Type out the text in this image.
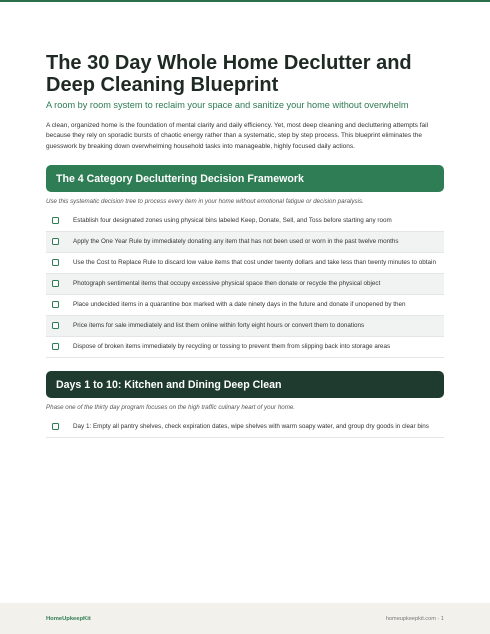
The 30 Day Whole Home Declutter and Deep Cleaning Blueprint

A room by room system to reclaim your space and sanitize your home without overwhelm

A clean, organized home is the foundation of mental clarity and daily efficiency. Yet, most deep cleaning and decluttering attempts fail because they rely on sporadic bursts of chaotic energy rather than a systematic, step by step process. This blueprint eliminates the guesswork by breaking down overwhelming household tasks into manageable, highly focused daily actions.

The 4 Category Decluttering Decision Framework

Use this systematic decision tree to process every item in your home without emotional fatigue or decision paralysis.

Establish four designated zones using physical bins labeled Keep, Donate, Sell, and Toss before starting any room
Apply the One Year Rule by immediately donating any item that has not been used or worn in the past twelve months
Use the Cost to Replace Rule to discard low value items that cost under twenty dollars and take less than twenty minutes to obtain
Photograph sentimental items that occupy excessive physical space then donate or recycle the physical object
Place undecided items in a quarantine box marked with a date ninety days in the future and donate if unopened by then
Price items for sale immediately and list them online within forty eight hours or convert them to donations
Dispose of broken items immediately by recycling or tossing to prevent them from slipping back into storage areas
Days 1 to 10: Kitchen and Dining Deep Clean

Phase one of the thirty day program focuses on the high traffic culinary heart of your home.

Day 1: Empty all pantry shelves, check expiration dates, wipe shelves with warm soapy water, and group dry goods in clear bins
HomeUpkeepKit	homeupkeepkit.com · 1
